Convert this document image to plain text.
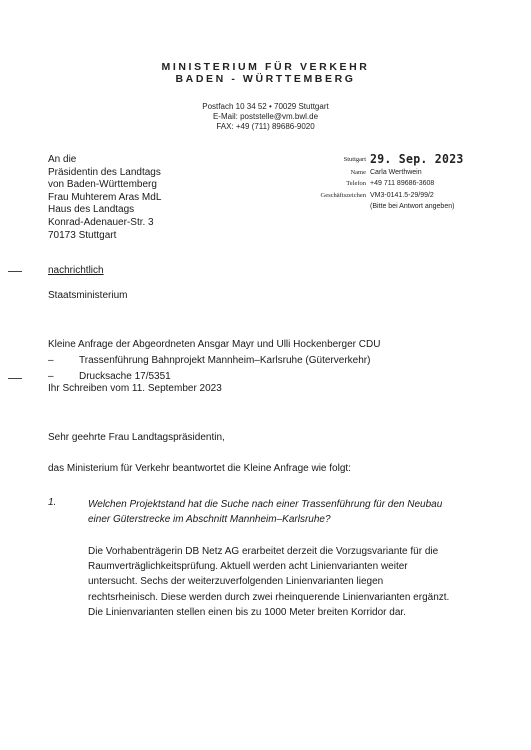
MINISTERIUM FÜR VERKEHR
BADEN - WÜRTTEMBERG
Postfach 10 34 52 • 70029 Stuttgart
E-Mail: poststelle@vm.bwl.de
FAX: +49 (711) 89686-9020
An die
Präsidentin des Landtags
von Baden-Württemberg
Frau Muhterem Aras MdL
Haus des Landtags
Konrad-Adenauer-Str. 3
70173 Stuttgart
Stuttgart 29. Sep. 2023
Name Carla Werthwein
Telefon +49 711 89686-3608
Geschäftszeichen VM3-0141.5-29/99/2
(Bitte bei Antwort angeben)
nachrichtlich
Staatsministerium
Kleine Anfrage der Abgeordneten Ansgar Mayr und Ulli Hockenberger CDU
–	Trassenführung Bahnprojekt Mannheim–Karlsruhe (Güterverkehr)
–	Drucksache 17/5351
Ihr Schreiben vom 11. September 2023
Sehr geehrte Frau Landtagspräsidentin,
das Ministerium für Verkehr beantwortet die Kleine Anfrage wie folgt:
1.	Welchen Projektstand hat die Suche nach einer Trassenführung für den Neubau
einer Güterstrecke im Abschnitt Mannheim–Karlsruhe?
Die Vorhabenträgerin DB Netz AG erarbeitet derzeit die Vorzugsvariante für die
Raumverträglichkeitsprüfung. Aktuell werden acht Linienvarianten weiter
untersucht. Sechs der weiterzuverfolgenden Linienvarianten liegen
rechtsrheinisch. Diese werden durch zwei rheinquerende Linienvarianten ergänzt.
Die Linienvarianten stellen einen bis zu 1000 Meter breiten Korridor dar.
